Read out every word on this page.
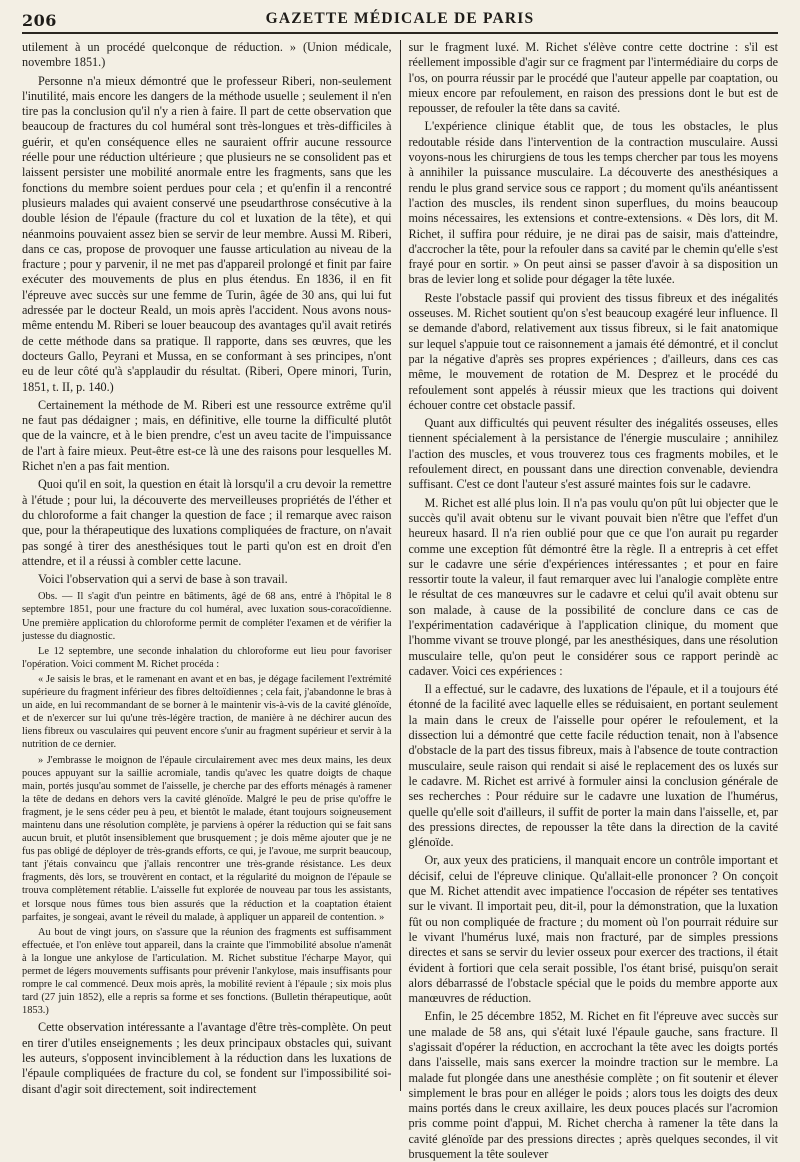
206	GAZETTE MÉDICALE DE PARIS

utilement à un procédé quelconque de réduction. » (Union médicale, novembre 1851.)

Personne n'a mieux démontré que le professeur Riberi, non-seulement l'inutilité, mais encore les dangers de la méthode usuelle ; seulement il n'en tire pas la conclusion qu'il n'y a rien à faire. Il part de cette observation que beaucoup de fractures du col huméral sont très-longues et très-difficiles à guérir, et qu'en conséquence elles ne sauraient offrir aucune ressource réelle pour une réduction ultérieure ; que plusieurs ne se consolident pas et laissent persister une mobilité anormale entre les fragments, sans que les fonctions du membre soient perdues pour cela ; et qu'enfin il a rencontré plusieurs malades qui avaient conservé une pseudarthrose consécutive à la double lésion de l'épaule (fracture du col et luxation de la tête), et qui néanmoins pouvaient assez bien se servir de leur membre. Aussi M. Riberi, dans ce cas, propose de provoquer une fausse articulation au niveau de la fracture ; pour y parvenir, il ne met pas d'appareil prolongé et finit par faire exécuter des mouvements de plus en plus étendus. En 1836, il en fit l'épreuve avec succès sur une femme de Turin, âgée de 30 ans, qui lui fut adressée par le docteur Reald, un mois après l'accident. Nous avons nous-même entendu M. Riberi se louer beaucoup des avantages qu'il avait retirés de cette méthode dans sa pratique. Il rapporte, dans ses œuvres, que les docteurs Gallo, Peyrani et Mussa, en se conformant à ses principes, n'ont eu de leur côté qu'à s'applaudir du résultat. (Riberi, Opere minori, Turin, 1851, t. II, p. 140.)

Certainement la méthode de M. Riberi est une ressource extrême qu'il ne faut pas dédaigner ; mais, en définitive, elle tourne la difficulté plutôt que de la vaincre, et à le bien prendre, c'est un aveu tacite de l'impuissance de l'art à faire mieux. Peut-être est-ce là une des raisons pour lesquelles M. Richet n'en a pas fait mention.

Quoi qu'il en soit, la question en était là lorsqu'il a cru devoir la remettre à l'étude ; pour lui, la découverte des merveilleuses propriétés de l'éther et du chloroforme a fait changer la question de face ; il remarque avec raison que, pour la thérapeutique des luxations compliquées de fracture, on n'avait pas songé à tirer des anesthésiques tout le parti qu'on est en droit d'en attendre, et il a réussi à combler cette lacune.

Voici l'observation qui a servi de base à son travail.

Obs. — Il s'agit d'un peintre en bâtiments, âgé de 68 ans, entré à l'hôpital le 8 septembre 1851, pour une fracture du col huméral, avec luxation sous-coracoïdienne. Une première application du chloroforme permit de compléter l'examen et de vérifier la justesse du diagnostic.

Le 12 septembre, une seconde inhalation du chloroforme eut lieu pour favoriser l'opération. Voici comment M. Richet procéda :

« Je saisis le bras, et le ramenant en avant et en bas, je dégage facilement l'extrémité supérieure du fragment inférieur des fibres deltoïdiennes ; cela fait, j'abandonne le bras à un aide, en lui recommandant de se borner à le maintenir vis-à-vis de la cavité glénoïde, et de n'exercer sur lui qu'une très-légère traction, de manière à ne déchirer aucun des liens fibreux ou vasculaires qui peuvent encore s'unir au fragment supérieur et servir à la nutrition de ce dernier.

» J'embrasse le moignon de l'épaule circulairement avec mes deux mains, les deux pouces appuyant sur la saillie acromiale, tandis qu'avec les quatre doigts de chaque main, portés jusqu'au sommet de l'aisselle, je cherche par des efforts ménagés à ramener la tête de dedans en dehors vers la cavité glénoïde. Malgré le peu de prise qu'offre le fragment, je le sens céder peu à peu, et bientôt le malade, étant toujours soigneusement maintenu dans une résolution complète, je parviens à opérer la réduction qui se fait sans aucun bruit, et plutôt insensiblement que brusquement ; je dois même ajouter que je ne fus pas obligé de déployer de très-grands efforts, ce qui, je l'avoue, me surprit beaucoup, tant j'étais convaincu que j'allais rencontrer une très-grande résistance. Les deux fragments, dès lors, se trouvèrent en contact, et la régularité du moignon de l'épaule se trouva complètement rétablie. L'aisselle fut explorée de nouveau par tous les assistants, et lorsque nous fûmes tous bien assurés que la réduction et la coaptation étaient parfaites, je songeai, avant le réveil du malade, à appliquer un appareil de contention. »

Au bout de vingt jours, on s'assure que la réunion des fragments est suffisamment effectuée, et l'on enlève tout appareil, dans la crainte que l'immobilité absolue n'amenât à la longue une ankylose de l'articulation. M. Richet substitue l'écharpe Mayor, qui permet de légers mouvements suffisants pour prévenir l'ankylose, mais insuffisants pour rompre le cal commencé. Deux mois après, la mobilité revient à l'épaule ; six mois plus tard (27 juin 1852), elle a repris sa forme et ses fonctions. (Bulletin thérapeutique, août 1853.)

Cette observation intéressante a l'avantage d'être très-complète. On peut en tirer d'utiles enseignements ; les deux principaux obstacles qui, suivant les auteurs, s'opposent invinciblement à la réduction dans les luxations de l'épaule compliquées de fracture du col, se fondent sur l'impossibilité soi-disant d'agir soit directement, soit indirectement

sur le fragment luxé. M. Richet s'élève contre cette doctrine : s'il est réellement impossible d'agir sur ce fragment par l'intermédiaire du corps de l'os, on pourra réussir par le procédé que l'auteur appelle par coaptation, ou mieux encore par refoulement, en raison des pressions dont le but est de repousser, de refouler la tête dans sa cavité.

L'expérience clinique établit que, de tous les obstacles, le plus redoutable réside dans l'intervention de la contraction musculaire. Aussi voyons-nous les chirurgiens de tous les temps chercher par tous les moyens à annihiler la puissance musculaire. La découverte des anesthésiques a rendu le plus grand service sous ce rapport ; du moment qu'ils anéantissent l'action des muscles, ils rendent sinon superflues, du moins beaucoup moins nécessaires, les extensions et contre-extensions. « Dès lors, dit M. Richet, il suffira pour réduire, je ne dirai pas de saisir, mais d'atteindre, d'accrocher la tête, pour la refouler dans sa cavité par le chemin qu'elle s'est frayé pour en sortir. » On peut ainsi se passer d'avoir à sa disposition un bras de levier long et solide pour dégager la tête luxée.

Reste l'obstacle passif qui provient des tissus fibreux et des inégalités osseuses. M. Richet soutient qu'on s'est beaucoup exagéré leur influence. Il se demande d'abord, relativement aux tissus fibreux, si le fait anatomique sur lequel s'appuie tout ce raisonnement a jamais été démontré, et il conclut par la négative d'après ses propres expériences ; d'ailleurs, dans ces cas même, le mouvement de rotation de M. Desprez et le procédé du refoulement sont appelés à réussir mieux que les tractions qui doivent échouer contre cet obstacle passif.

Quant aux difficultés qui peuvent résulter des inégalités osseuses, elles tiennent spécialement à la persistance de l'énergie musculaire ; annihilez l'action des muscles, et vous trouverez tous ces fragments mobiles, et le refoulement direct, en poussant dans une direction convenable, deviendra suffisant. C'est ce dont l'auteur s'est assuré maintes fois sur le cadavre.

M. Richet est allé plus loin. Il n'a pas voulu qu'on pût lui objecter que le succès qu'il avait obtenu sur le vivant pouvait bien n'être que l'effet d'un heureux hasard. Il n'a rien oublié pour que ce que l'on aurait pu regarder comme une exception fût démontré être la règle. Il a entrepris à cet effet sur le cadavre une série d'expériences intéressantes ; et pour en faire ressortir toute la valeur, il faut remarquer avec lui l'analogie complète entre le résultat de ces manœuvres sur le cadavre et celui qu'il avait obtenu sur son malade, à cause de la possibilité de conclure dans ce cas de l'expérimentation cadavérique à l'application clinique, du moment que l'homme vivant se trouve plongé, par les anesthésiques, dans une résolution musculaire telle, qu'on peut le considérer sous ce rapport perindè ac cadaver. Voici ces expériences :

Il a effectué, sur le cadavre, des luxations de l'épaule, et il a toujours été étonné de la facilité avec laquelle elles se réduisaient, en portant seulement la main dans le creux de l'aisselle pour opérer le refoulement, et la dissection lui a démontré que cette facile réduction tenait, non à l'absence d'obstacle de la part des tissus fibreux, mais à l'absence de toute contraction musculaire, seule raison qui rendait si aisé le replacement des os luxés sur le cadavre. M. Richet est arrivé à formuler ainsi la conclusion générale de ses recherches : Pour réduire sur le cadavre une luxation de l'humérus, quelle qu'elle soit d'ailleurs, il suffit de porter la main dans l'aisselle, et, par des pressions directes, de repousser la tête dans la direction de la cavité glénoïde.

Or, aux yeux des praticiens, il manquait encore un contrôle important et décisif, celui de l'épreuve clinique. Qu'allait-elle prononcer ? On conçoit que M. Richet attendit avec impatience l'occasion de répéter ses tentatives sur le vivant. Il importait peu, dit-il, pour la démonstration, que la luxation fût ou non compliquée de fracture ; du moment où l'on pourrait réduire sur le vivant l'humérus luxé, mais non fracturé, par de simples pressions directes et sans se servir du levier osseux pour exercer des tractions, il était évident à fortiori que cela serait possible, l'os étant brisé, puisqu'on serait alors débarrassé de l'obstacle spécial que le poids du membre apporte aux manœuvres de réduction.

Enfin, le 25 décembre 1852, M. Richet en fit l'épreuve avec succès sur une malade de 58 ans, qui s'était luxé l'épaule gauche, sans fracture. Il s'agissait d'opérer la réduction, en accrochant la tête avec les doigts portés dans l'aisselle, mais sans exercer la moindre traction sur le membre. La malade fut plongée dans une anesthésie complète ; on fit soutenir et élever simplement le bras pour en alléger le poids ; alors tous les doigts des deux mains portés dans le creux axillaire, les deux pouces placés sur l'acromion pris comme point d'appui, M. Richet chercha à ramener la tête dans la cavité glénoïde par des pressions directes ; après quelques secondes, il vit brusquement la tête soulever
